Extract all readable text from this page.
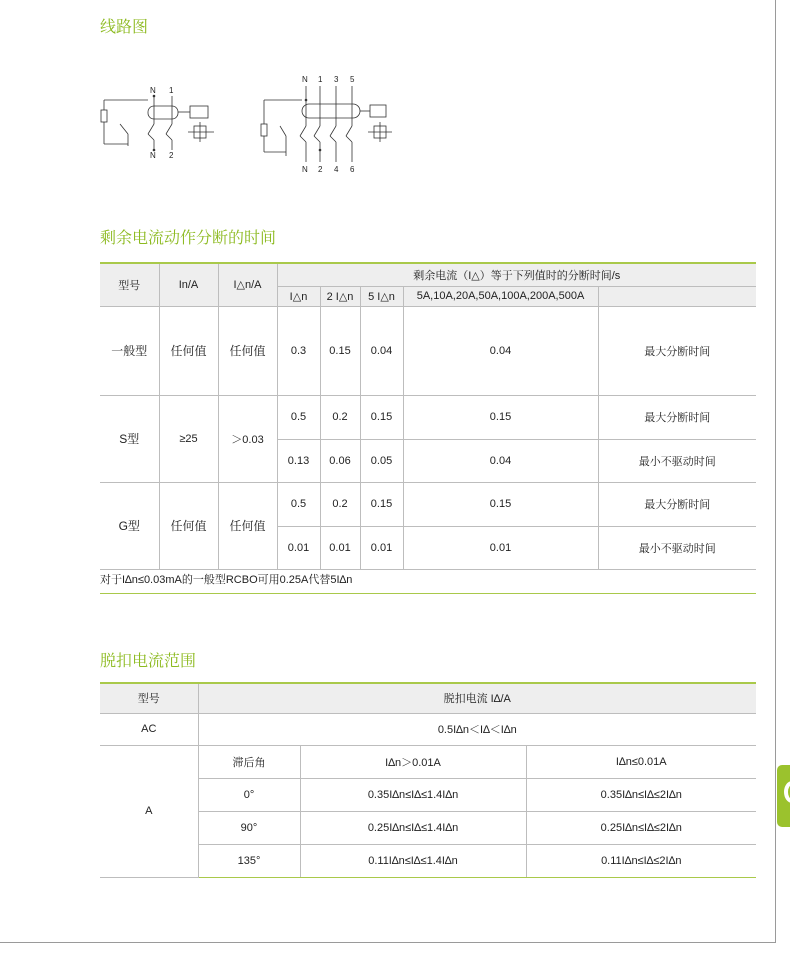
线路图
N 1
N 2
N 1 3 5
N 2 4 6
剩余电流动作分断的时间
型号	In/A	I△n/A	剩余电流（I△）等于下列值时的分断时间/s				
			I△n	2 I△n	5 I△n	5A,10A,20A,50A,100A,200A,500A	
一般型	任何值	任何值	0.3	0.15	0.04	0.04	最大分断时间
S型	≥25	＞0.03	0.5	0.2	0.15	0.15	最大分断时间
			0.13	0.06	0.05	0.04	最小不驱动时间
G型	任何值	任何值	0.5	0.2	0.15	0.15	最大分断时间
			0.01	0.01	0.01	0.01	最小不驱动时间
对于I∆n≤0.03mA的一般型RCBO可用0.25A代替5I∆n
脱扣电流范围
型号	脱扣电流 I∆/A		
AC	0.5I∆n＜I∆＜I∆n		
A	滞后角	I∆n＞0.01A	I∆n≤0.01A
	0°	0.35I∆n≤I∆≤1.4I∆n	0.35I∆n≤I∆≤2I∆n
	90°	0.25I∆n≤I∆≤1.4I∆n	0.25I∆n≤I∆≤2I∆n
	135°	0.11I∆n≤I∆≤1.4I∆n	0.11I∆n≤I∆≤2I∆n
